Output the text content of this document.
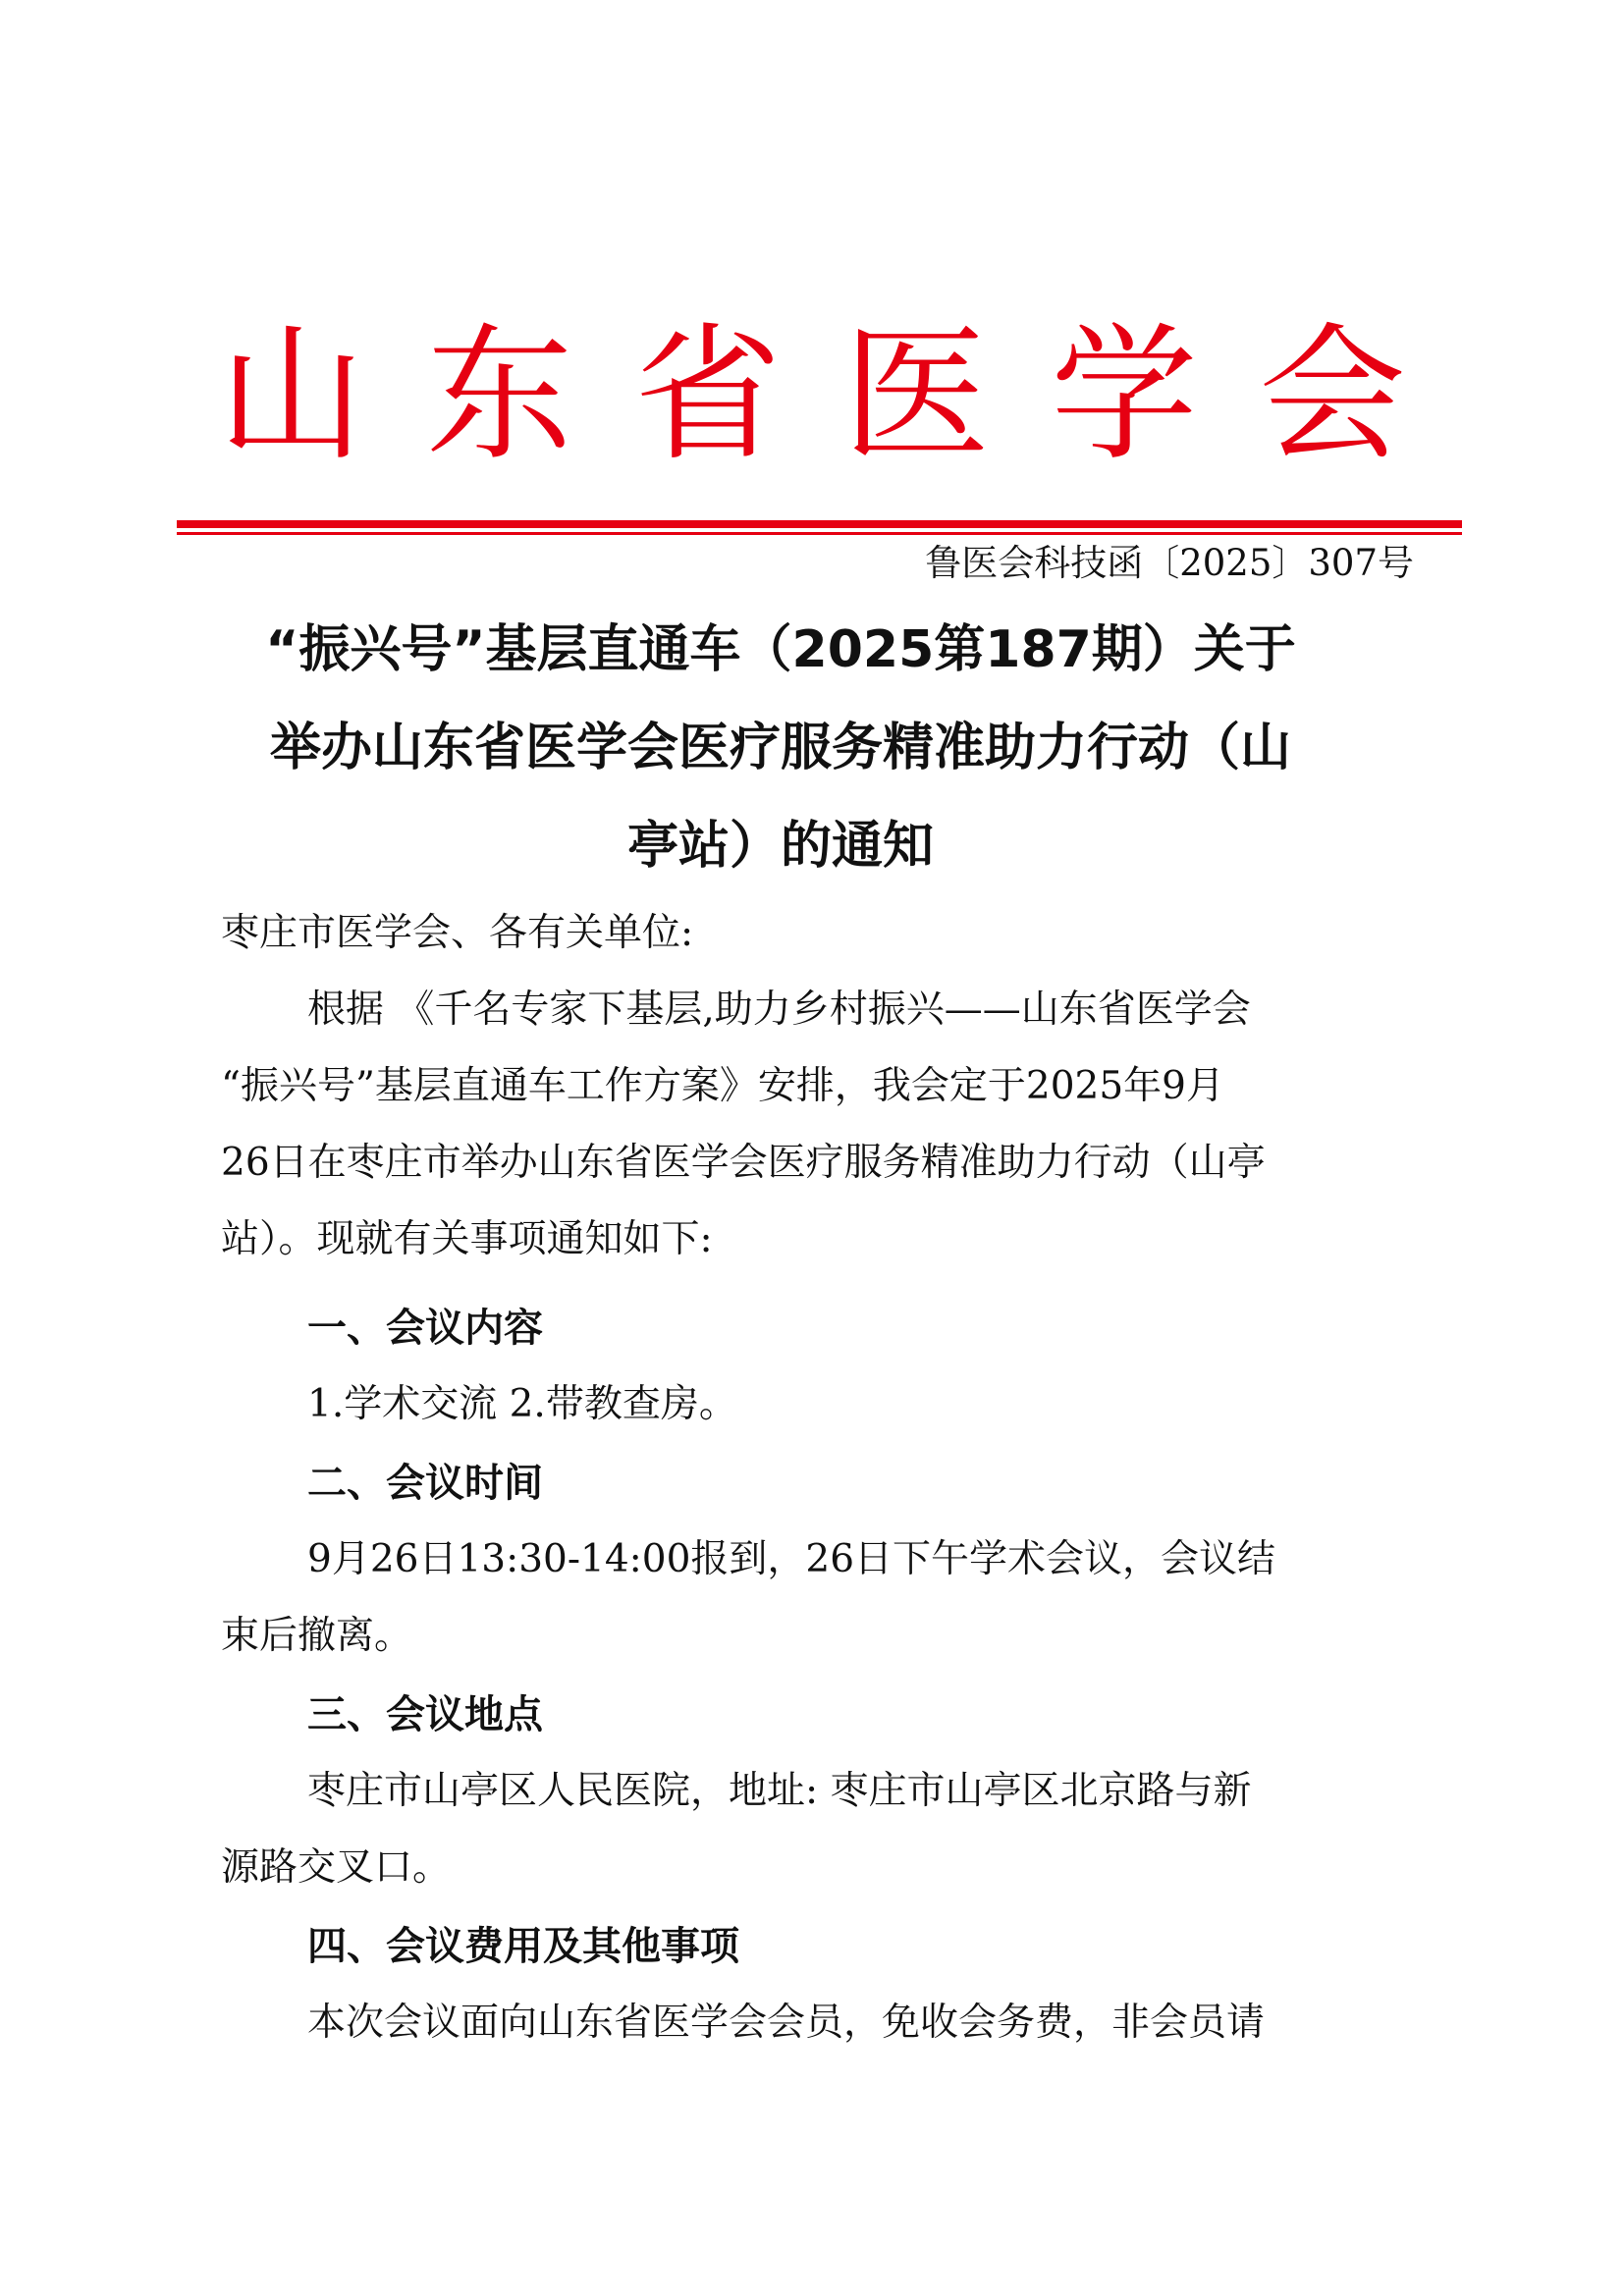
山东省医学会
鲁医会科技函〔2025〕307号
“振兴号”基层直通车（2025第187期）关于
举办山东省医学会医疗服务精准助力行动（山
亭站）的通知

枣庄市医学会、各有关单位:

根据 《千名专家下基层,助力乡村振兴——山东省医学会

“振兴号”基层直通车工作方案》安排，我会定于2025年9月

26日在枣庄市举办山东省医学会医疗服务精准助力行动（山亭

站）。现就有关事项通知如下:

一、会议内容

1.学术交流 2.带教查房。

二、会议时间

9月26日13:30-14:00报到，26日下午学术会议，会议结

束后撤离。

三、会议地点

枣庄市山亭区人民医院，地址: 枣庄市山亭区北京路与新

源路交叉口。

四、会议费用及其他事项

本次会议面向山东省医学会会员，免收会务费，非会员请
